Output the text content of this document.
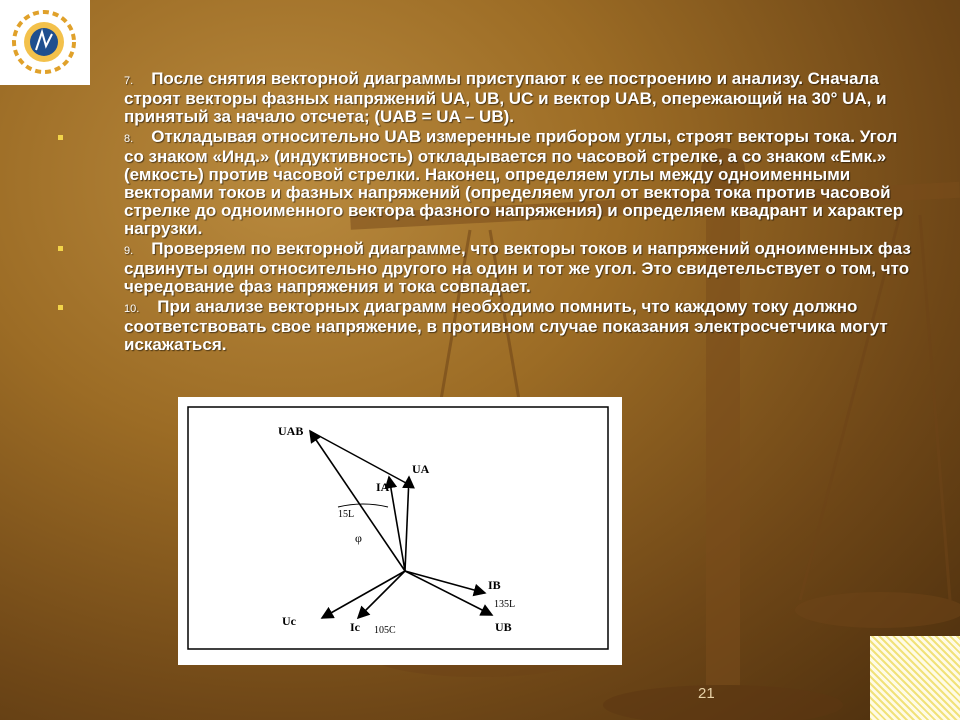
7. После снятия векторной диаграммы приступают к ее построению и анализу. Сначала строят векторы фазных напряжений UA, UB, UC и вектор UAB, опережающий на 30° UA, и принятый за начало отсчета; (UAB = UA – UB).
8. Откладывая относительно UAB измеренные прибором углы, строят векторы тока. Угол со знаком «Инд.» (индуктивность) откладывается по часовой стрелке, а со знаком «Емк.» (емкость) против часовой стрелки. Наконец, определяем углы между одноименными векторами токов и фазных напряжений (определяем угол от вектора тока против часовой стрелке до одноименного вектора фазного напряжения) и определяем квадрант и характер нагрузки.
9. Проверяем по векторной диаграмме, что векторы токов и напряжений одноименных фаз сдвинуты один относительно другого на один и тот же угол. Это свидетельствует о том, что чередование фаз напряжения и тока совпадает.
10. При анализе векторных диаграмм необходимо помнить, что каждому току должно соответствовать свое напряжение, в противном случае показания электросчетчика могут искажаться.
UAB
UA
IA
IB
UB
Uc	Ic
15L
φ
135L
105C
21
